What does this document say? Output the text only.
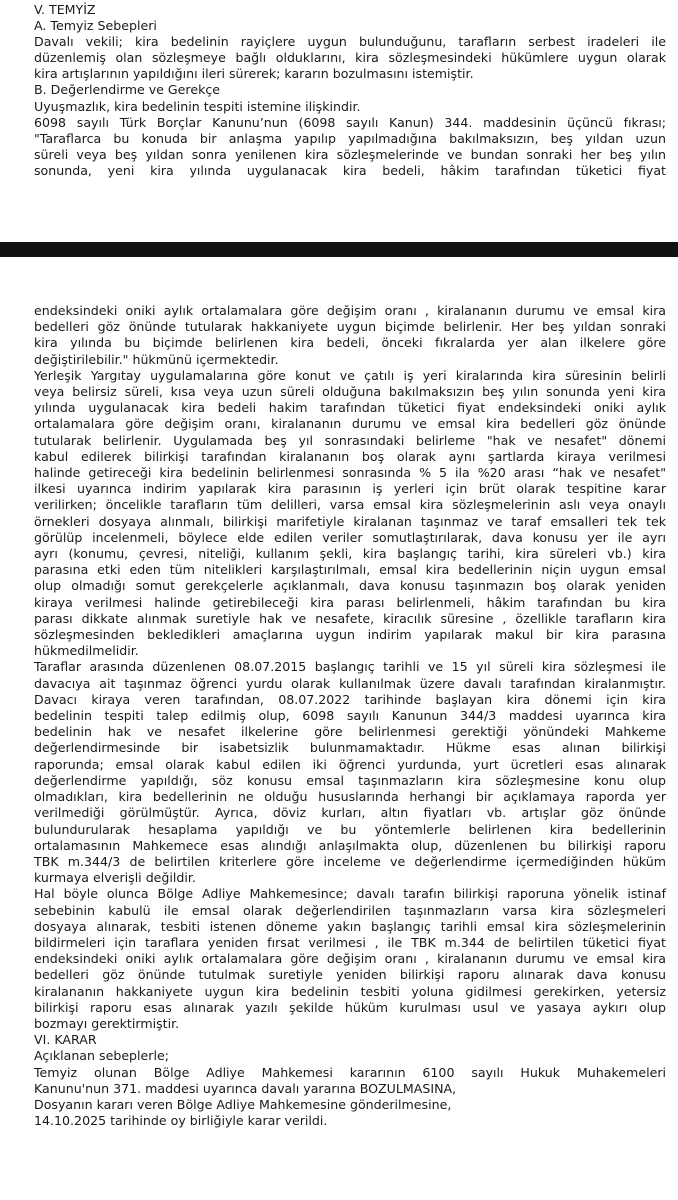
V. TEMYİZ
A. Temyiz Sebepleri
Davalı vekili; kira bedelinin rayiçlere uygun bulunduğunu, tarafların serbest iradeleri ile
düzenlemiş olan sözleşmeye bağlı olduklarını, kira sözleşmesindeki hükümlere uygun olarak
kira artışlarının yapıldığını ileri sürerek; kararın bozulmasını istemiştir.
B. Değerlendirme ve Gerekçe
Uyuşmazlık, kira bedelinin tespiti istemine ilişkindir.
6098 sayılı Türk Borçlar Kanunu’nun (6098 sayılı Kanun) 344. maddesinin üçüncü fıkrası;
"Taraflarca bu konuda bir anlaşma yapılıp yapılmadığına bakılmaksızın, beş yıldan uzun
süreli veya beş yıldan sonra yenilenen kira sözleşmelerinde ve bundan sonraki her beş yılın
sonunda, yeni kira yılında uygulanacak kira bedeli, hâkim tarafından tüketici fiyat
endeksindeki oniki aylık ortalamalara göre değişim oranı , kiralananın durumu ve emsal kira
bedelleri göz önünde tutularak hakkaniyete uygun biçimde belirlenir. Her beş yıldan sonraki
kira yılında bu biçimde belirlenen kira bedeli, önceki fıkralarda yer alan ilkelere göre
değiştirilebilir." hükmünü içermektedir.
Yerleşik Yargıtay uygulamalarına göre konut ve çatılı iş yeri kiralarında kira süresinin belirli
veya belirsiz süreli, kısa veya uzun süreli olduğuna bakılmaksızın beş yılın sonunda yeni kira
yılında uygulanacak kira bedeli hakim tarafından tüketici fiyat endeksindeki oniki aylık
ortalamalara göre değişim oranı, kiralananın durumu ve emsal kira bedelleri göz önünde
tutularak belirlenir. Uygulamada beş yıl sonrasındaki belirleme "hak ve nesafet" dönemi
kabul edilerek bilirkişi tarafından kiralananın boş olarak aynı şartlarda kiraya verilmesi
halinde getireceği kira bedelinin belirlenmesi sonrasında % 5 ila %20 arası “hak ve nesafet"
ilkesi uyarınca indirim yapılarak kira parasının iş yerleri için brüt olarak tespitine karar
verilirken; öncelikle tarafların tüm delilleri, varsa emsal kira sözleşmelerinin aslı veya onaylı
örnekleri dosyaya alınmalı, bilirkişi marifetiyle kiralanan taşınmaz ve taraf emsalleri tek tek
görülüp incelenmeli, böylece elde edilen veriler somutlaştırılarak, dava konusu yer ile ayrı
ayrı (konumu, çevresi, niteliği, kullanım şekli, kira başlangıç tarihi, kira süreleri vb.) kira
parasına etki eden tüm nitelikleri karşılaştırılmalı, emsal kira bedellerinin niçin uygun emsal
olup olmadığı somut gerekçelerle açıklanmalı, dava konusu taşınmazın boş olarak yeniden
kiraya verilmesi halinde getirebileceği kira parası belirlenmeli, hâkim tarafından bu kira
parası dikkate alınmak suretiyle hak ve nesafete, kiracılık süresine , özellikle tarafların kira
sözleşmesinden bekledikleri amaçlarına uygun indirim yapılarak makul bir kira parasına
hükmedilmelidir.
Taraflar arasında düzenlenen 08.07.2015 başlangıç tarihli ve 15 yıl süreli kira sözleşmesi ile
davacıya ait taşınmaz öğrenci yurdu olarak kullanılmak üzere davalı tarafından kiralanmıştır.
Davacı kiraya veren tarafından, 08.07.2022 tarihinde başlayan kira dönemi için kira
bedelinin tespiti talep edilmiş olup, 6098 sayılı Kanunun 344/3 maddesi uyarınca kira
bedelinin hak ve nesafet ilkelerine göre belirlenmesi gerektiği yönündeki Mahkeme
değerlendirmesinde bir isabetsizlik bulunmamaktadır. Hükme esas alınan bilirkişi
raporunda; emsal olarak kabul edilen iki öğrenci yurdunda, yurt ücretleri esas alınarak
değerlendirme yapıldığı, söz konusu emsal taşınmazların kira sözleşmesine konu olup
olmadıkları, kira bedellerinin ne olduğu hususlarında herhangi bir açıklamaya raporda yer
verilmediği görülmüştür. Ayrıca, döviz kurları, altın fiyatları vb. artışlar göz önünde
bulundurularak hesaplama yapıldığı ve bu yöntemlerle belirlenen kira bedellerinin
ortalamasının Mahkemece esas alındığı anlaşılmakta olup, düzenlenen bu bilirkişi raporu
TBK m.344/3 de belirtilen kriterlere göre inceleme ve değerlendirme içermediğinden hüküm
kurmaya elverişli değildir.
Hal böyle olunca Bölge Adliye Mahkemesince; davalı tarafın bilirkişi raporuna yönelik istinaf
sebebinin kabulü ile emsal olarak değerlendirilen taşınmazların varsa kira sözleşmeleri
dosyaya alınarak, tesbiti istenen döneme yakın başlangıç tarihli emsal kira sözleşmelerinin
bildirmeleri için taraflara yeniden fırsat verilmesi , ile TBK m.344 de belirtilen tüketici fiyat
endeksindeki oniki aylık ortalamalara göre değişim oranı , kiralananın durumu ve emsal kira
bedelleri göz önünde tutulmak suretiyle yeniden bilirkişi raporu alınarak dava konusu
kiralananın hakkaniyete uygun kira bedelinin tesbiti yoluna gidilmesi gerekirken, yetersiz
bilirkişi raporu esas alınarak yazılı şekilde hüküm kurulması usul ve yasaya aykırı olup
bozmayı gerektirmiştir.
VI. KARAR
Açıklanan sebeplerle;
Temyiz olunan Bölge Adliye Mahkemesi kararının 6100 sayılı Hukuk Muhakemeleri
Kanunu'nun 371. maddesi uyarınca davalı yararına BOZULMASINA,
Dosyanın kararı veren Bölge Adliye Mahkemesine gönderilmesine,
14.10.2025 tarihinde oy birliğiyle karar verildi.
